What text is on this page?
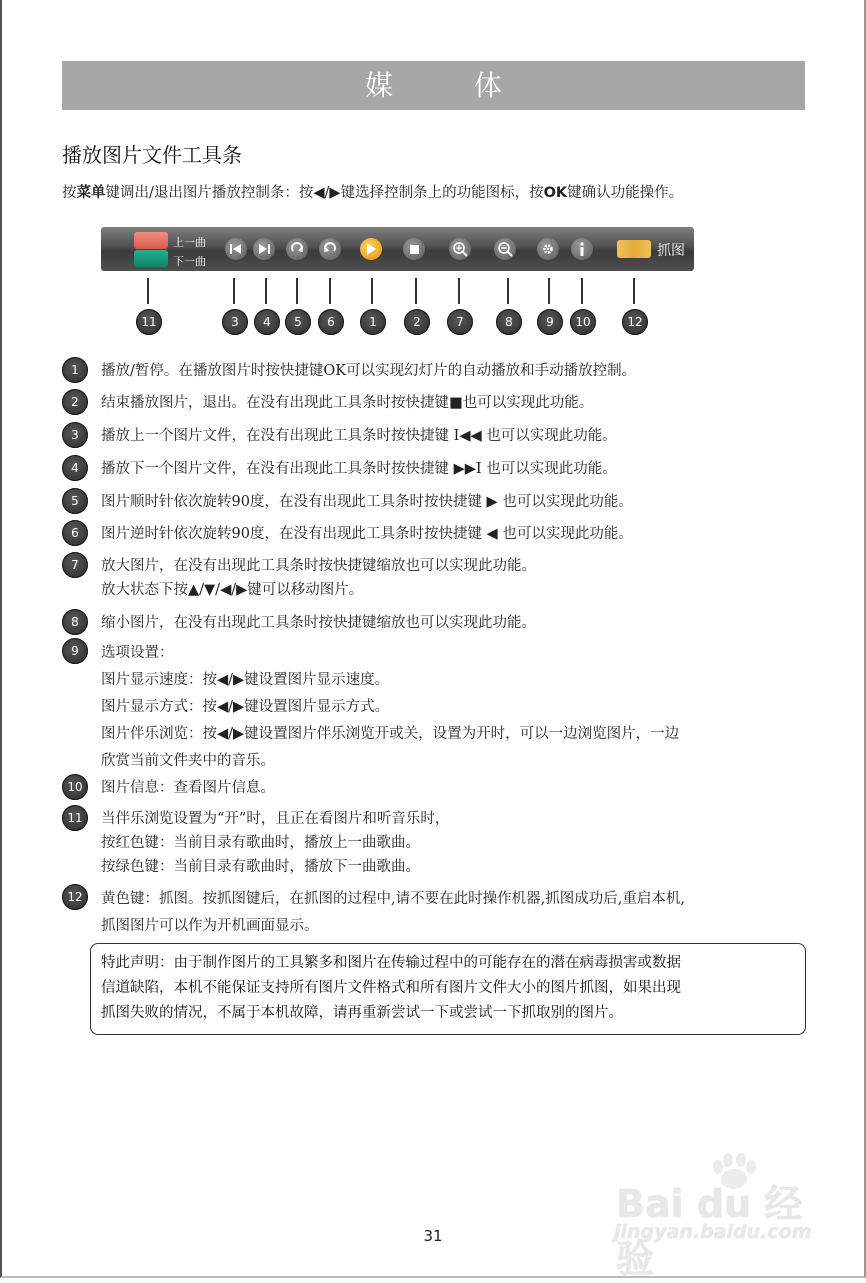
媒 体
播放图片文件工具条
按菜单键调出/退出图片播放控制条：按◀/▶键选择控制条上的功能图标，按OK键确认功能操作。
上一曲
下一曲
抓图
11	3	4	5	6	1	2	7	8	9	10	12
1	播放/暂停。在播放图片时按快捷键OK可以实现幻灯片的自动播放和手动播放控制。
2	结束播放图片，退出。在没有出现此工具条时按快捷键■也可以实现此功能。
3	播放上一个图片文件，在没有出现此工具条时按快捷键 I◀◀ 也可以实现此功能。
4	播放下一个图片文件，在没有出现此工具条时按快捷键 ▶▶I 也可以实现此功能。
5	图片顺时针依次旋转90度，在没有出现此工具条时按快捷键 ▶ 也可以实现此功能。
6	图片逆时针依次旋转90度，在没有出现此工具条时按快捷键 ◀ 也可以实现此功能。
7	放大图片，在没有出现此工具条时按快捷键缩放也可以实现此功能。
放大状态下按▲/▼/◀/▶键可以移动图片。
8	缩小图片，在没有出现此工具条时按快捷键缩放也可以实现此功能。
9	选项设置：
图片显示速度：按◀/▶键设置图片显示速度。
图片显示方式：按◀/▶键设置图片显示方式。
图片伴乐浏览：按◀/▶键设置图片伴乐浏览开或关，设置为开时，可以一边浏览图片，一边
欣赏当前文件夹中的音乐。
10	图片信息：查看图片信息。
11	当伴乐浏览设置为“开”时，且正在看图片和听音乐时，
按红色键：当前目录有歌曲时，播放上一曲歌曲。
按绿色键：当前目录有歌曲时，播放下一曲歌曲。
12	黄色键：抓图。按抓图键后，在抓图的过程中,请不要在此时操作机器,抓图成功后,重启本机,
抓图图片可以作为开机画面显示。
特此声明：由于制作图片的工具繁多和图片在传输过程中的可能存在的潜在病毒损害或数据
信道缺陷，本机不能保证支持所有图片文件格式和所有图片文件大小的图片抓图，如果出现
抓图失败的情况，不属于本机故障，请再重新尝试一下或尝试一下抓取别的图片。
Bai du 经验
jingyan.baidu.com
31
